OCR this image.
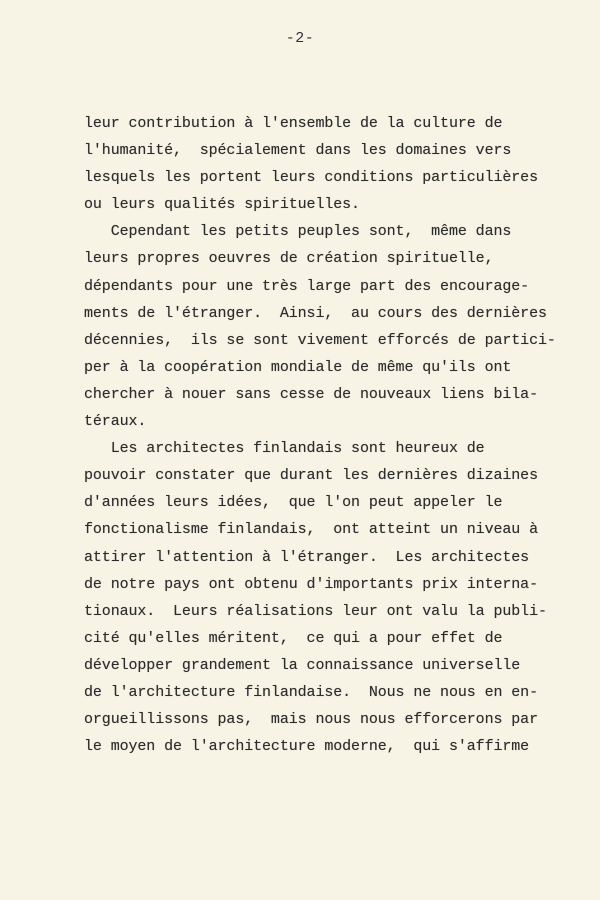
-2-
leur contribution à l'ensemble de la culture de
l'humanité,  spécialement dans les domaines vers
lesquels les portent leurs conditions particulières
ou leurs qualités spirituelles.
Cependant les petits peuples sont,  même dans
leurs propres oeuvres de création spirituelle,
dépendants pour une très large part des encourage-
ments de l'étranger.  Ainsi,  au cours des dernières
décennies,  ils se sont vivement efforcés de partici-
per à la coopération mondiale de même qu'ils ont
chercher à nouer sans cesse de nouveaux liens bila-
téraux.
Les architectes finlandais sont heureux de
pouvoir constater que durant les dernières dizaines
d'années leurs idées,  que l'on peut appeler le
fonctionalisme finlandais,  ont atteint un niveau à
attirer l'attention à l'étranger.  Les architectes
de notre pays ont obtenu d'importants prix interna-
tionaux.  Leurs réalisations leur ont valu la publi-
cité qu'elles méritent,  ce qui a pour effet de
développer grandement la connaissance universelle
de l'architecture finlandaise.  Nous ne nous en en-
orgueillissons pas,  mais nous nous efforcerons par
le moyen de l'architecture moderne,  qui s'affirme
